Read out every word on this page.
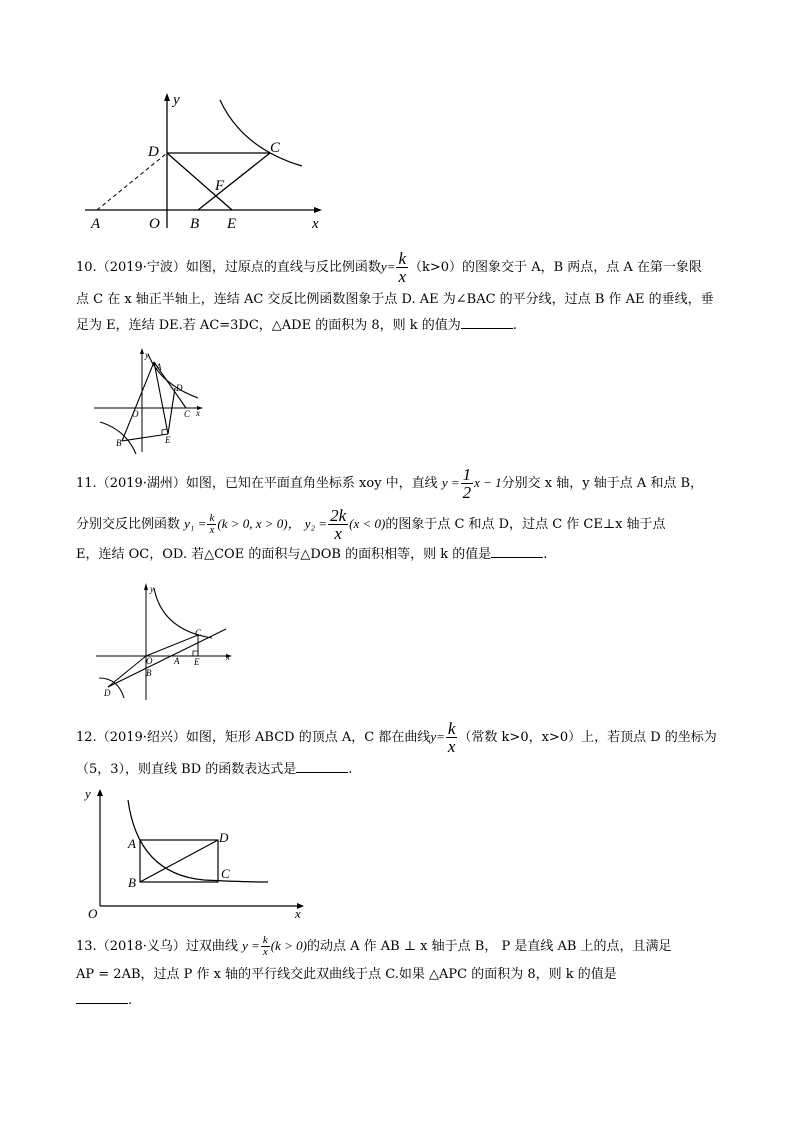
y
D	C
F
A	O B E	x
10.（2019·宁波）如图，过原点的直线与反比例函数$y= \frac{k}{x} (k>0)$的图象交于 A，B 两点，点 A 在第一象限
点 C 在 x 轴正半轴上，连结 AC 交反比例函数图象于点 D. AE 为∠BAC 的平分线，过点 B 作 AE 的垂线，垂
足为 E，连结 DE.若 AC=3DC，△ADE 的面积为 8，则 k 的值为	.
y
A
D
O	C x
B	E
11.（2019·湖州）如图，已知在平面直角坐标系 xoy 中，直线 $y = \frac{1}{2}$ x − 1分别交 x 轴，y 轴于点 A 和点 B，
分别交反比例函数 $y_1 = \frac{k}{x} (k > 0$, x > 0)， $y_2 = \frac{2k}{x} (x < 0)$的图象于点 C 和点 D，过点 C 作 CE⊥x 轴于点
E，连结 OC，OD. 若△COE 的面积与△DOB 的面积相等，则 k 的值是	.
y
C
O A E	x
B
D
12.（2019·绍兴）如图，矩形 ABCD 的顶点 A，C 都在曲线$y= \frac{k}{x}$ （常数 k>0，x>0）上，若顶点 D 的坐标为
（5，3），则直线 BD 的函数表达式是	.
y
D
A
B
C
O	x
13.（2018·义乌）过双曲线 $y = \frac{k}{x} (k > 0)$的动点 A 作 AB ⊥ x 轴于点 B， P 是直线 AB 上的点，且满足
AP = 2AB，过点 P 作 x 轴的平行线交此双曲线于点 C.如果 △APC 的面积为 8，则 k 的值是
.
